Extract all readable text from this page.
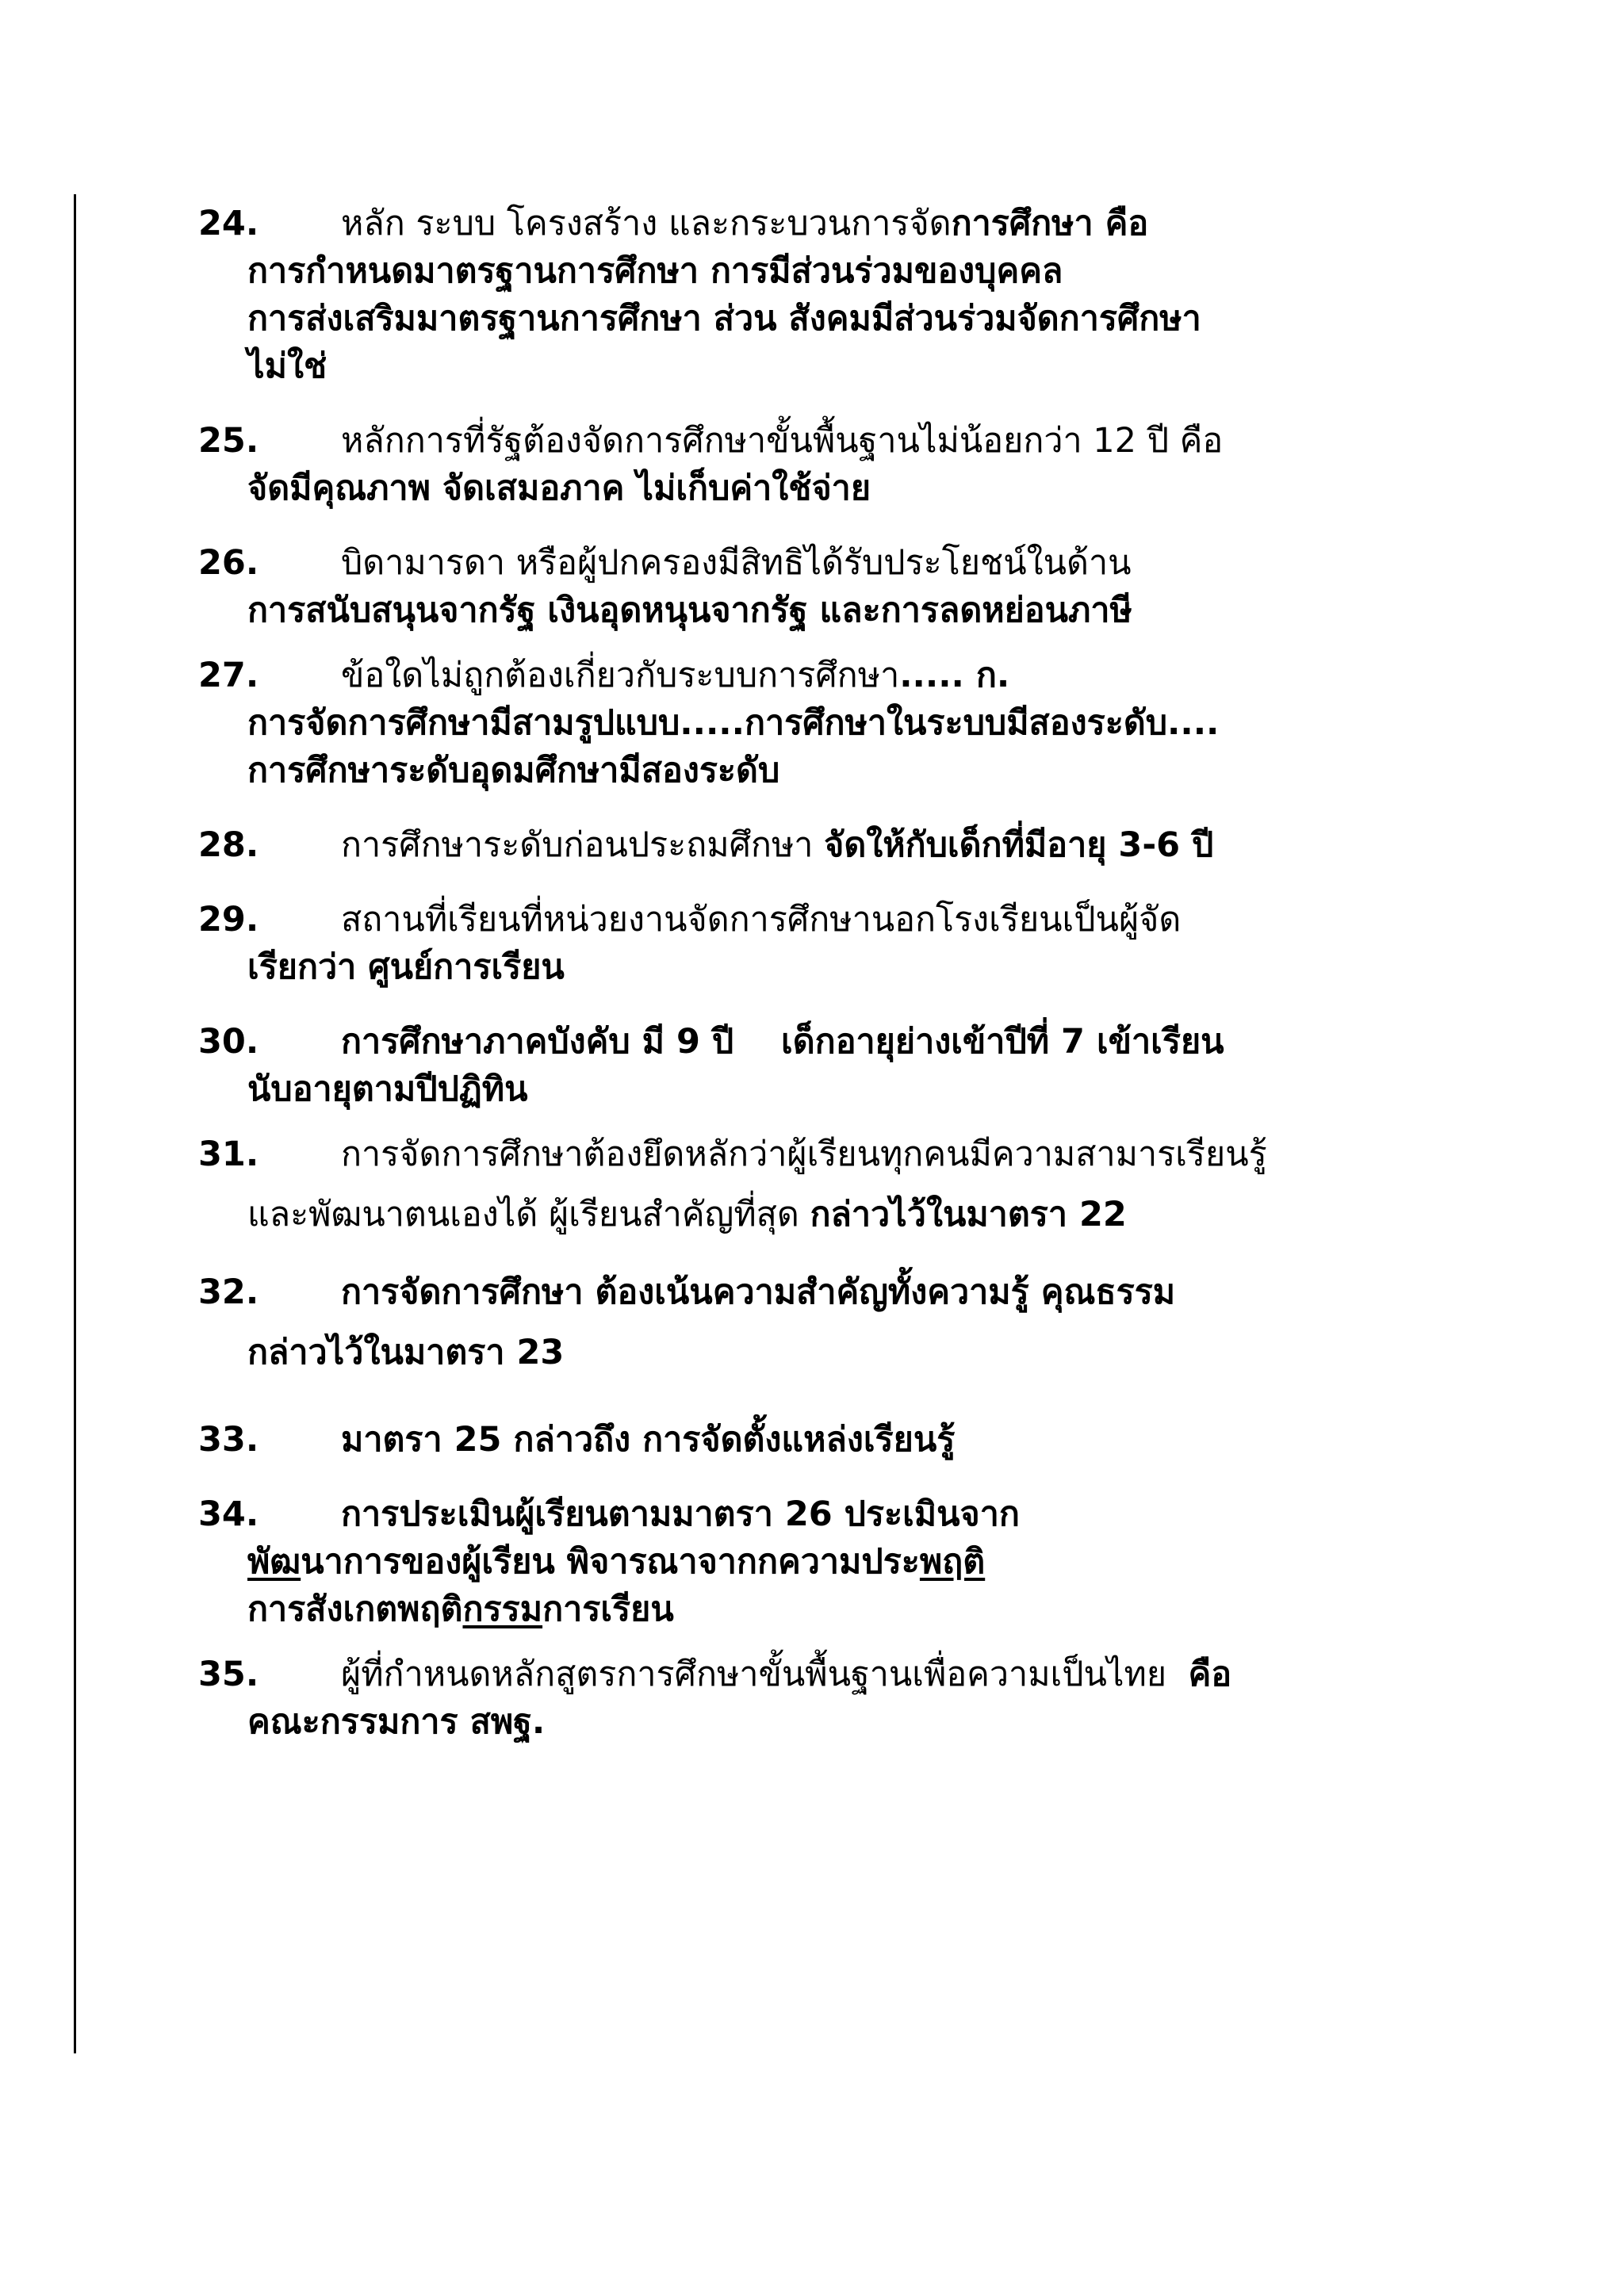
24.	หลัก ระบบ โครงสร้าง และกระบวนการจัดการศึกษา คือ
การกำหนดมาตรฐานการศึกษา การมีส่วนร่วมของบุคคล
การส่งเสริมมาตรฐานการศึกษา ส่วน สังคมมีส่วนร่วมจัดการศึกษา
ไม่ใช่
25.	หลักการที่รัฐต้องจัดการศึกษาขั้นพื้นฐานไม่น้อยกว่า 12 ปี คือ
จัดมีคุณภาพ จัดเสมอภาค ไม่เก็บค่าใช้จ่าย
26.	บิดามารดา หรือผู้ปกครองมีสิทธิได้รับประโยชน์ในด้าน
การสนับสนุนจากรัฐ เงินอุดหนุนจากรัฐ และการลดหย่อนภาษี
27.	ข้อใดไม่ถูกต้องเกี่ยวกับระบบการศึกษา..... ก.
การจัดการศึกษามีสามรูปแบบ.....การศึกษาในระบบมีสองระดับ....
การศึกษาระดับอุดมศึกษามีสองระดับ
28.	การศึกษาระดับก่อนประถมศึกษา จัดให้กับเด็กที่มีอายุ 3-6 ปี
29.	สถานที่เรียนที่หน่วยงานจัดการศึกษานอกโรงเรียนเป็นผู้จัด
เรียกว่า ศูนย์การเรียน
30.	การศึกษาภาคบังคับ มี 9 ปี    เด็กอายุย่างเข้าปีที่ 7 เข้าเรียน
นับอายุตามปีปฏิทิน
31.	การจัดการศึกษาต้องยึดหลักว่าผู้เรียนทุกคนมีความสามารเรียนรู้
และพัฒนาตนเองได้ ผู้เรียนสำคัญที่สุด กล่าวไว้ในมาตรา 22
32.	การจัดการศึกษา ต้องเน้นความสำคัญทั้งความรู้ คุณธรรม
กล่าวไว้ในมาตรา 23
33.	มาตรา 25 กล่าวถึง การจัดตั้งแหล่งเรียนรู้
34.	การประเมินผู้เรียนตามมาตรา 26 ประเมินจาก
พัฒนาการของผู้เรียน พิจารณาจากกความประพฤติ
การสังเกตพฤติกรรมการเรียน
35.	ผู้ที่กำหนดหลักสูตรการศึกษาขั้นพื้นฐานเพื่อความเป็นไทย  คือ
คณะกรรมการ สพฐ.
